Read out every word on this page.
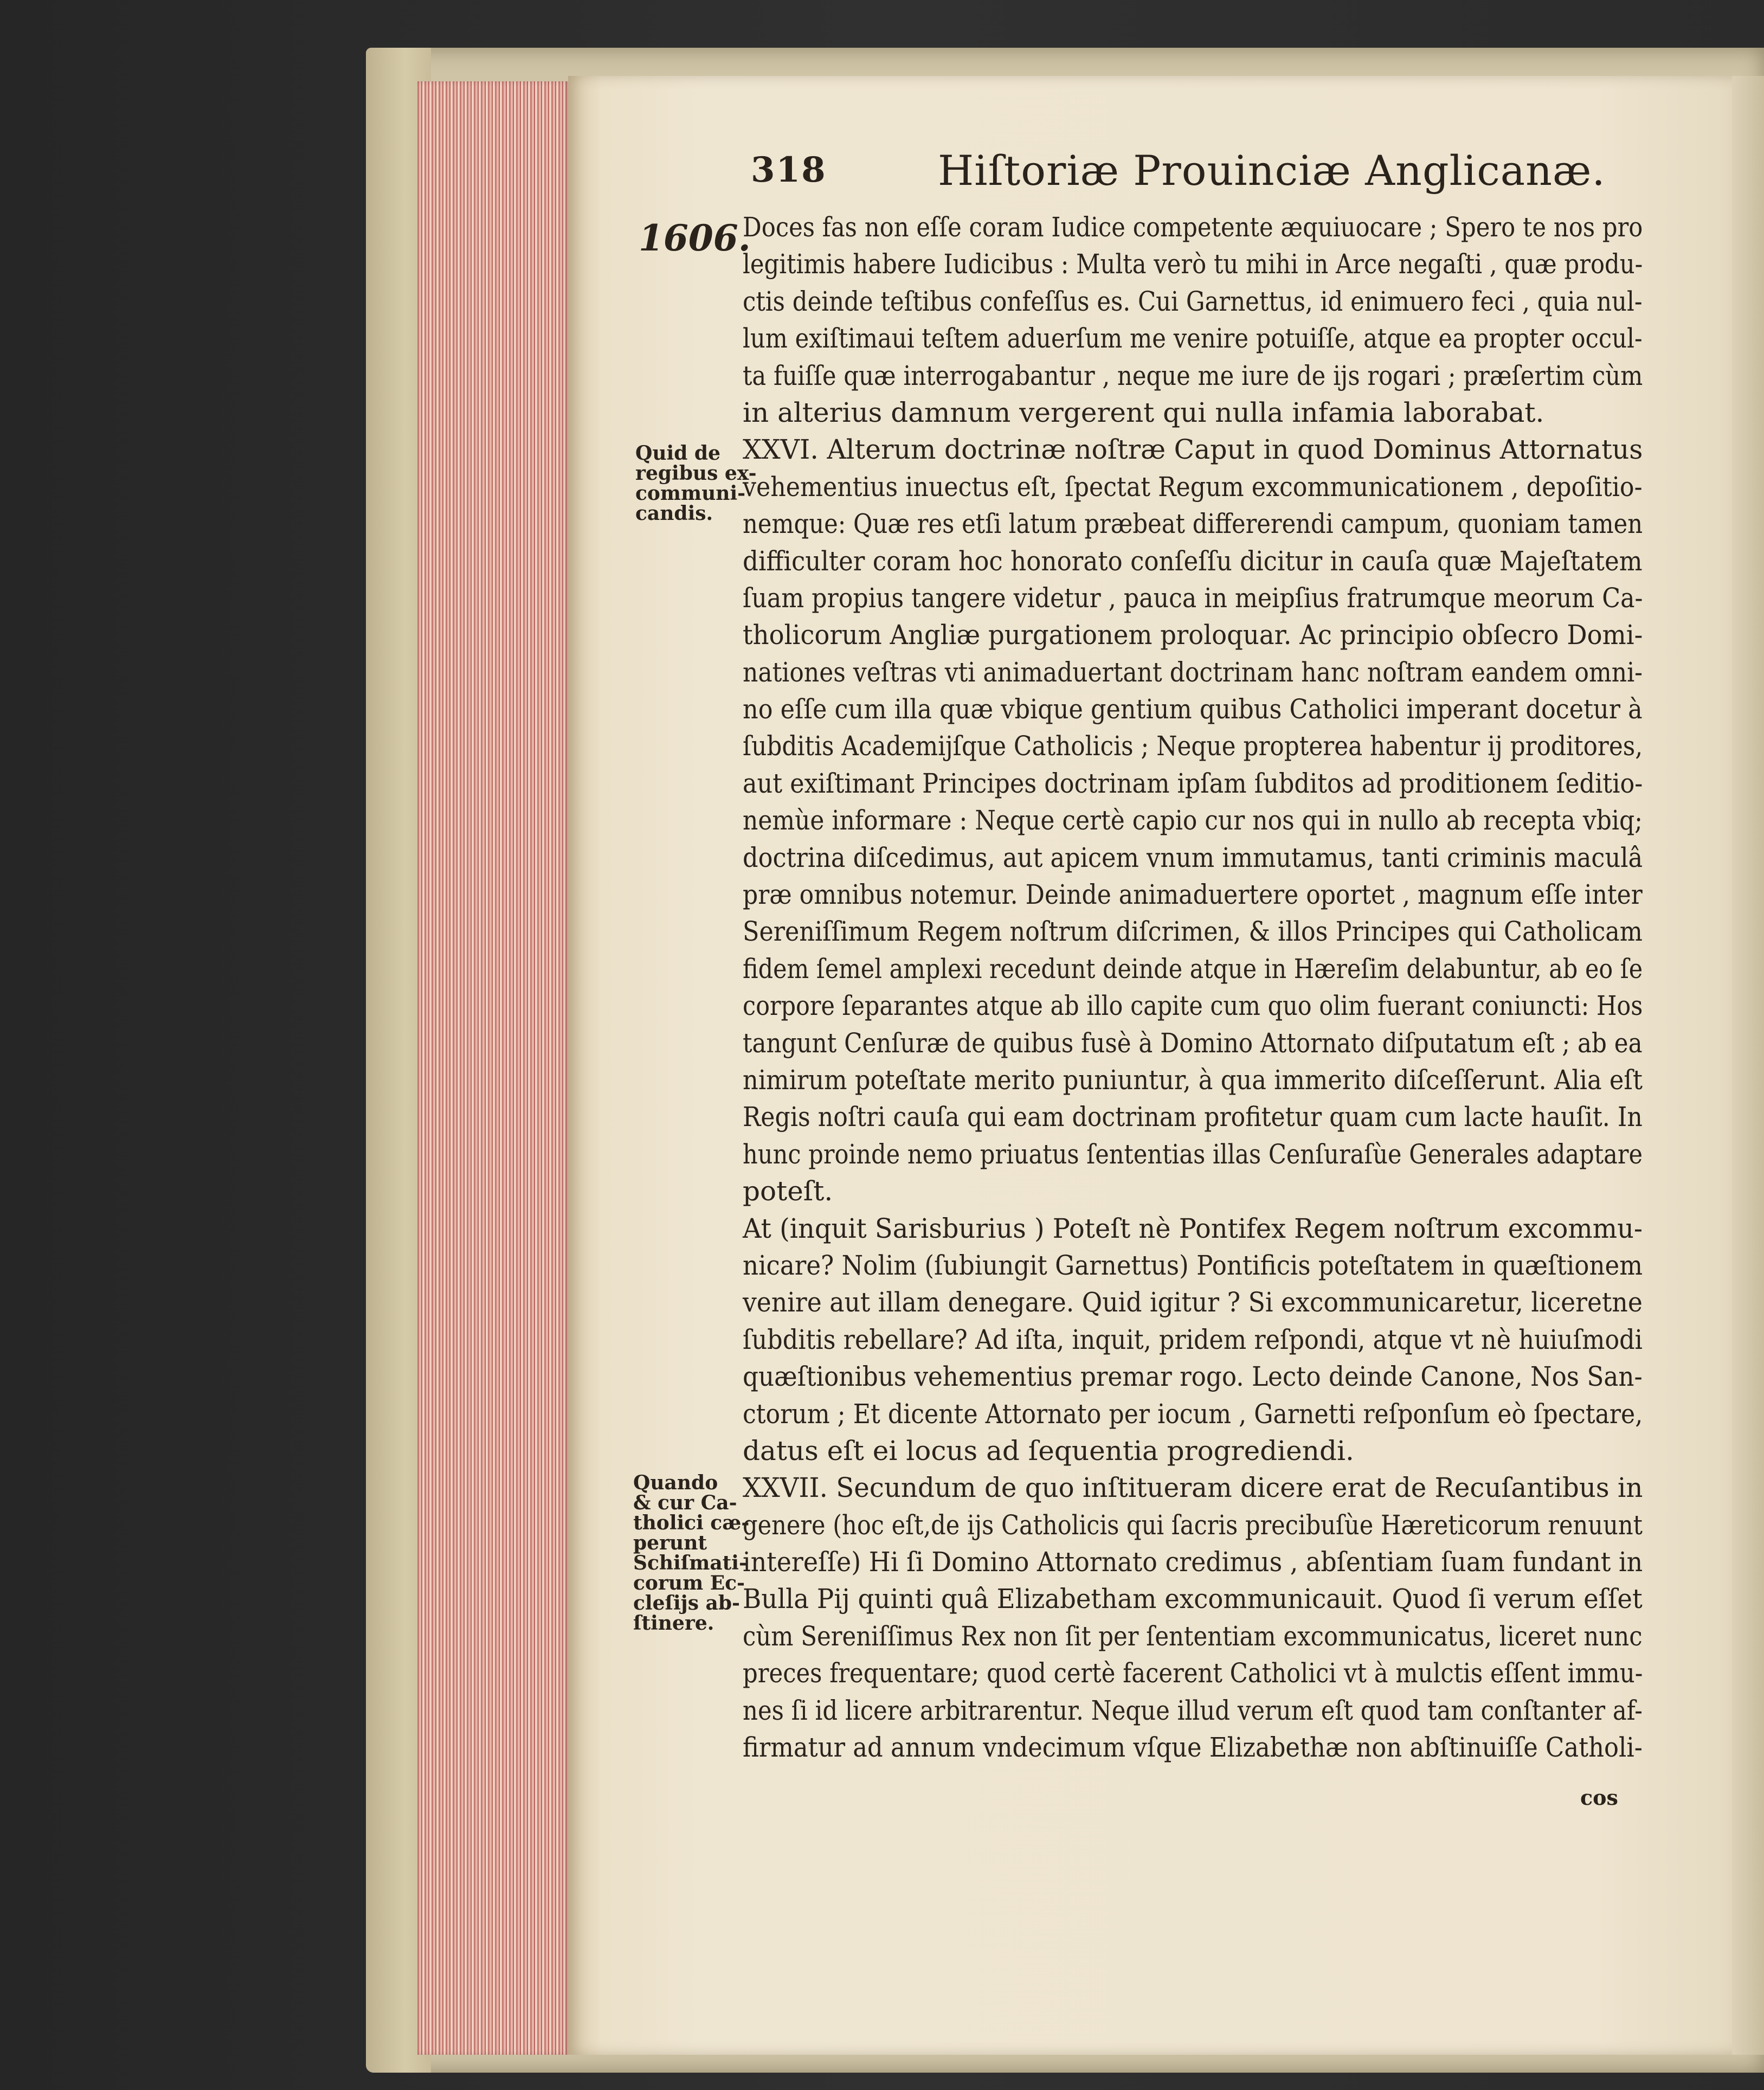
318	Hiſtoriæ Prouinciæ Anglicanæ.
1606.
Quid de
regibus ex-
communi-
candis.
Quando
& cur Ca-
tholici cæ-
perunt
Schiſmati-
corum Ec-
cleſijs ab-
ſtinere.
Doces fas non eſſe coram Iudice competente æquiuocare ; Spero te nos pro
legitimis habere Iudicibus : Multa verò tu mihi in Arce negaſti , quæ produ-
ctis deinde teſtibus confeſſus es. Cui Garnettus, id enimuero feci , quia nul-
lum exiſtimaui teſtem aduerſum me venire potuiſſe, atque ea propter occul-
ta fuiſſe quæ interrogabantur , neque me iure de ijs rogari ; præſertim cùm
in alterius damnum vergerent qui nulla infamia laborabat.
XXVI. Alterum doctrinæ noſtræ Caput in quod Dominus Attornatus
vehementius inuectus eſt, ſpectat Regum excommunicationem , depoſitio-
nemque: Quæ res etſi latum præbeat differerendi campum, quoniam tamen
difficulter coram hoc honorato conſeſſu dicitur in cauſa quæ Majeſtatem
ſuam propius tangere videtur , pauca in meipſius fratrumque meorum Ca-
tholicorum Angliæ purgationem proloquar. Ac principio obſecro Domi-
nationes veſtras vti animaduertant doctrinam hanc noſtram eandem omni-
no eſſe cum illa quæ vbique gentium quibus Catholici imperant docetur à
ſubditis Academijſque Catholicis ; Neque propterea habentur ij proditores,
aut exiſtimant Principes doctrinam ipſam ſubditos ad proditionem ſeditio-
nemùe informare : Neque certè capio cur nos qui in nullo ab recepta vbiq;
doctrina diſcedimus, aut apicem vnum immutamus, tanti criminis maculâ
præ omnibus notemur. Deinde animaduertere oportet , magnum eſſe inter
Sereniſſimum Regem noſtrum diſcrimen, & illos Principes qui Catholicam
fidem ſemel amplexi recedunt deinde atque in Hæreſim delabuntur, ab eo ſe
corpore ſeparantes atque ab illo capite cum quo olim fuerant coniuncti: Hos
tangunt Cenſuræ de quibus fusè à Domino Attornato diſputatum eſt ; ab ea
nimirum poteſtate merito puniuntur, à qua immerito diſceſſerunt. Alia eſt
Regis noſtri cauſa qui eam doctrinam profitetur quam cum lacte hauſit. In
hunc proinde nemo priuatus ſententias illas Cenſuraſùe Generales adaptare
poteſt.
At (inquit Sarisburius ) Poteſt nè Pontifex Regem noſtrum excommu-
nicare? Nolim (ſubiungit Garnettus) Pontificis poteſtatem in quæſtionem
venire aut illam denegare. Quid igitur ? Si excommunicaretur, liceretne
ſubditis rebellare? Ad iſta, inquit, pridem reſpondi, atque vt nè huiuſmodi
quæſtionibus vehementius premar rogo. Lecto deinde Canone, Nos San-
ctorum ; Et dicente Attornato per iocum , Garnetti reſponſum eò ſpectare,
datus eſt ei locus ad ſequentia progrediendi.
XXVII. Secundum de quo inſtitueram dicere erat de Recuſantibus in
genere (hoc eſt,de ijs Catholicis qui ſacris precibuſùe Hæreticorum renuunt
intereſſe) Hi ſi Domino Attornato credimus , abſentiam ſuam fundant in
Bulla Pij quinti quâ Elizabetham excommunicauit. Quod ſi verum eſſet
cùm Sereniſſimus Rex non ſit per ſententiam excommunicatus, liceret nunc
preces frequentare; quod certè facerent Catholici vt à mulctis eſſent immu-
nes ſi id licere arbitrarentur. Neque illud verum eſt quod tam conſtanter af-
firmatur ad annum vndecimum vſque Elizabethæ non abſtinuiſſe Catholi-
cos
